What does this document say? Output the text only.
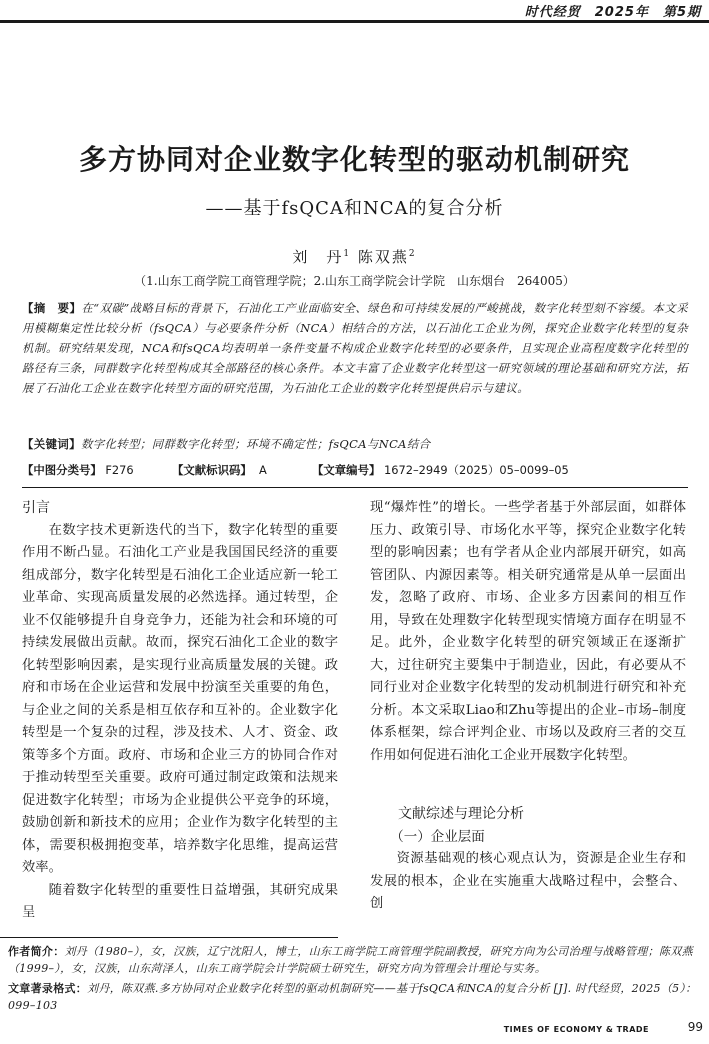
时代经贸　 2025年　第5期
多方协同对企业数字化转型的驱动机制研究
——基于fsQCA和NCA的复合分析
刘　丹$^1$ 陈双燕$^2$
（1.山东工商学院工商管理学院；2.山东工商学院会计学院　山东烟台　264005）
【摘　要】在“双碳”战略目标的背景下，石油化工产业面临安全、绿色和可持续发展的严峻挑战，数字化转型刻不容缓。本文采用模糊集定性比较分析（fsQCA）与必要条件分析（NCA）相结合的方法，以石油化工企业为例，探究企业数字化转型的复杂机制。研究结果发现，NCA和fsQCA均表明单一条件变量不构成企业数字化转型的必要条件，且实现企业高程度数字化转型的路径有三条，同群数字化转型构成其全部路径的核心条件。本文丰富了企业数字化转型这一研究领域的理论基础和研究方法，拓展了石油化工企业在数字化转型方面的研究范围，为石油化工企业的数字化转型提供启示与建议。
【关键词】数字化转型；同群数字化转型；环境不确定性；fsQCA与NCA结合
【中图分类号】 F276	【文献标识码】 A	【文章编号】 1672–2949（2025）05–0099–05
引言

在数字技术更新迭代的当下，数字化转型的重要作用不断凸显。石油化工产业是我国国民经济的重要组成部分，数字化转型是石油化工企业适应新一轮工业革命、实现高质量发展的必然选择。通过转型，企业不仅能够提升自身竞争力，还能为社会和环境的可持续发展做出贡献。故而，探究石油化工企业的数字化转型影响因素，是实现行业高质量发展的关键。政府和市场在企业运营和发展中扮演至关重要的角色，与企业之间的关系是相互依存和互补的。企业数字化转型是一个复杂的过程，涉及技术、人才、资金、政策等多个方面。政府、市场和企业三方的协同合作对于推动转型至关重要。政府可通过制定政策和法规来促进数字化转型；市场为企业提供公平竞争的环境，鼓励创新和新技术的应用；企业作为数字化转型的主体，需要积极拥抱变革，培养数字化思维，提高运营效率。

随着数字化转型的重要性日益增强，其研究成果呈

现“爆炸性”的增长。一些学者基于外部层面，如群体压力、政策引导、市场化水平等，探究企业数字化转型的影响因素；也有学者从企业内部展开研究，如高管团队、内源因素等。相关研究通常是从单一层面出发，忽略了政府、市场、企业多方因素间的相互作用，导致在处理数字化转型现实情境方面存在明显不足。此外，企业数字化转型的研究领域正在逐渐扩大，过往研究主要集中于制造业，因此，有必要从不同行业对企业数字化转型的发动机制进行研究和补充分析。本文采取Liao和Zhu等提出的企业–市场–制度体系框架，综合评判企业、市场以及政府三者的交互作用如何促进石油化工企业开展数字化转型。

文献综述与理论分析
（一）企业层面

资源基础观的核心观点认为，资源是企业生存和发展的根本，企业在实施重大战略过程中，会整合、创

作者简介：刘丹（1980–），女，汉族，辽宁沈阳人，博士，山东工商学院工商管理学院副教授，研究方向为公司治理与战略管理；陈双燕（1999–），女，汉族，山东菏泽人，山东工商学院会计学院硕士研究生，研究方向为管理会计理论与实务。
文章著录格式：刘丹，陈双燕.多方协同对企业数字化转型的驱动机制研究——基于fsQCA和NCA的复合分析 [J]. 时代经贸，2025（5）：099–103
TIMES OF ECONOMY & TRADE	99
